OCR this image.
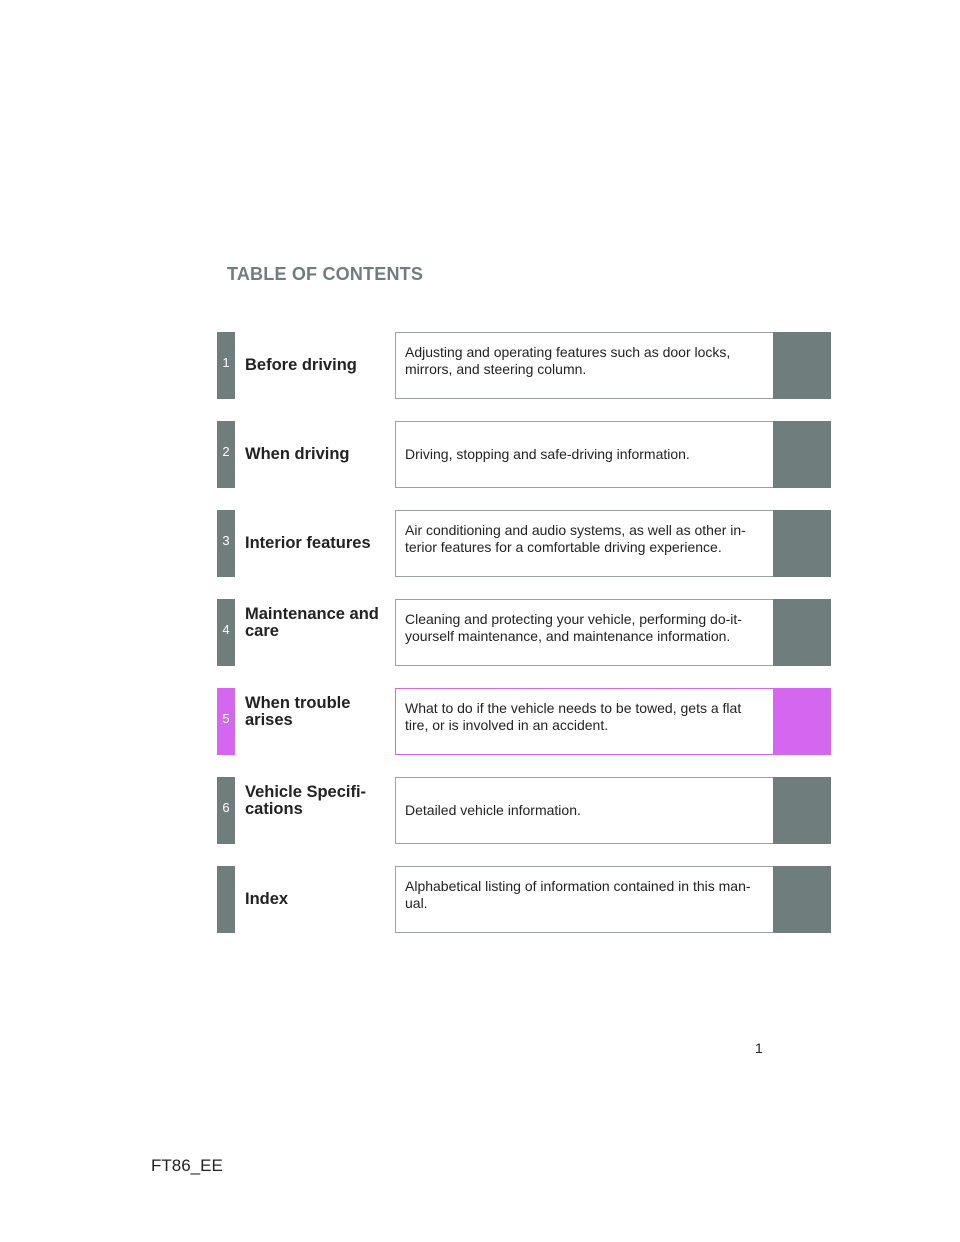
TABLE OF CONTENTS
1 Before driving
Adjusting and operating features such as door locks, mirrors, and steering column.
2 When driving	Driving, stopping and safe-driving information.
3 Interior features
Air conditioning and audio systems, as well as other in-terior features for a comfortable driving experience.
4
Maintenance and care
Cleaning and protecting your vehicle, performing do-it-yourself maintenance, and maintenance information.
5
When trouble arises
What to do if the vehicle needs to be towed, gets a flat tire, or is involved in an accident.
6
Vehicle Specifi-cations	Detailed vehicle information.
Index
Alphabetical listing of information contained in this man-ual.
1
FT86_EE
